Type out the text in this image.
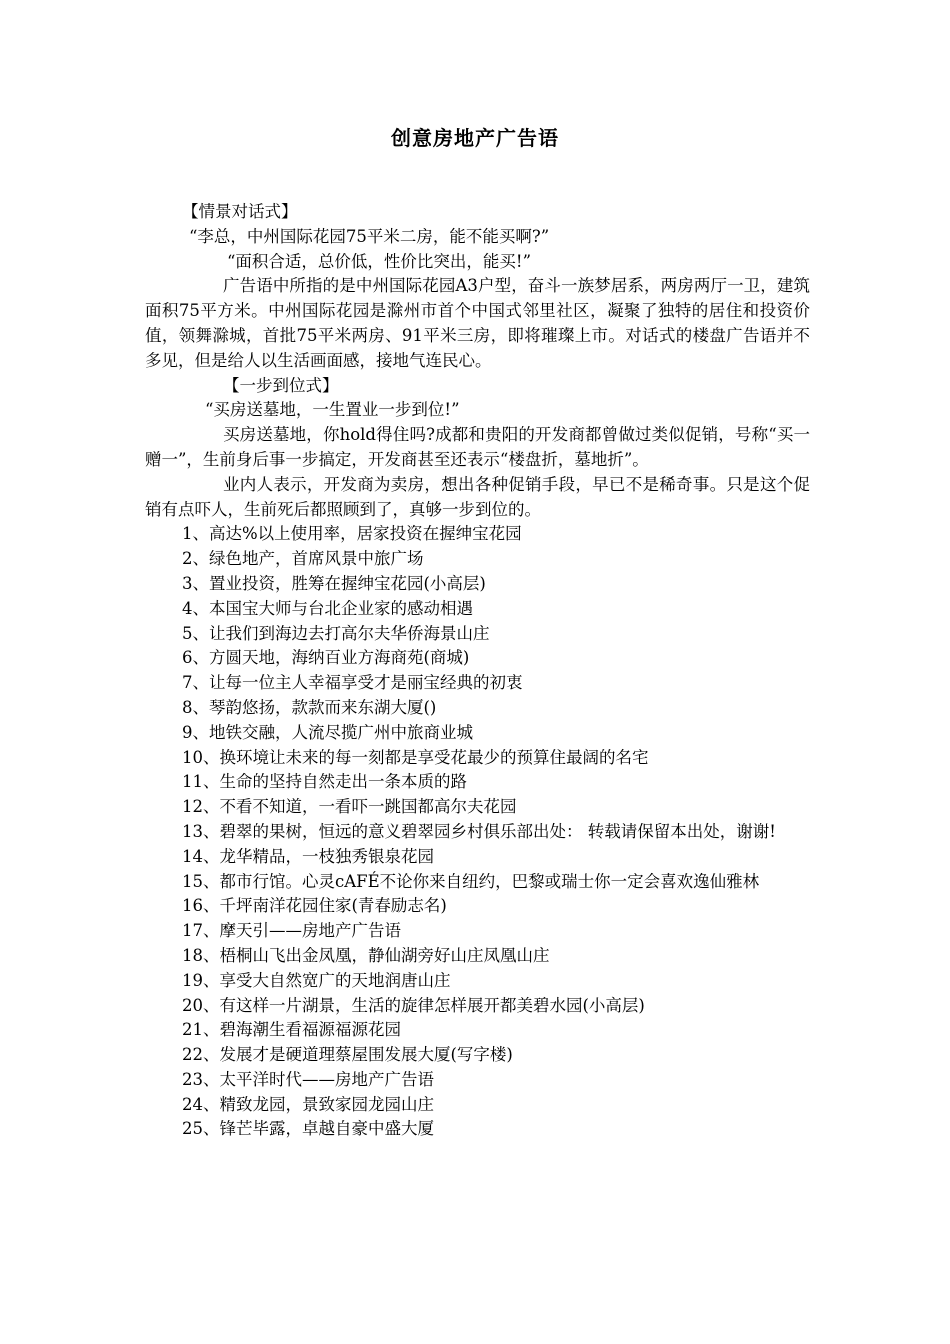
创意房地产广告语

【情景对话式】

“李总，中州国际花园75平米二房，能不能买啊?”

“面积合适，总价低，性价比突出，能买!”

广告语中所指的是中州国际花园A3户型，奋斗一族梦居系，两房两厅一卫，建筑面积75平方米。中州国际花园是滁州市首个中国式邻里社区，凝聚了独特的居住和投资价值，领舞滁城，首批75平米两房、91平米三房，即将璀璨上市。对话式的楼盘广告语并不多见，但是给人以生活画面感，接地气连民心。

【一步到位式】

“买房送墓地，一生置业一步到位!”

买房送墓地，你hold得住吗?成都和贵阳的开发商都曾做过类似促销，号称“买一赠一”，生前身后事一步搞定，开发商甚至还表示“楼盘折，墓地折”。

业内人表示，开发商为卖房，想出各种促销手段，早已不是稀奇事。只是这个促销有点吓人，生前死后都照顾到了，真够一步到位的。

1、高达%以上使用率，居家投资在握绅宝花园

2、绿色地产，首席风景中旅广场

3、置业投资，胜筹在握绅宝花园(小高层)

4、本国宝大师与台北企业家的感动相遇

5、让我们到海边去打高尔夫华侨海景山庄

6、方圆天地，海纳百业方海商苑(商城)

7、让每一位主人幸福享受才是丽宝经典的初衷

8、琴韵悠扬，款款而来东湖大厦()

9、地铁交融，人流尽揽广州中旅商业城

10、换环境让未来的每一刻都是享受花最少的预算住最阔的名宅

11、生命的坚持自然走出一条本质的路

12、不看不知道，一看吓一跳国都高尔夫花园

13、碧翠的果树，恒远的意义碧翠园乡村俱乐部出处： 转载请保留本出处，谢谢!

14、龙华精品，一枝独秀银泉花园

15、都市行馆。心灵cAFÉ不论你来自纽约，巴黎或瑞士你一定会喜欢逸仙雅林

16、千坪南洋花园住家(青春励志名)

17、摩天引——房地产广告语

18、梧桐山飞出金凤凰，静仙湖旁好山庄凤凰山庄

19、享受大自然宽广的天地润唐山庄

20、有这样一片湖景，生活的旋律怎样展开都美碧水园(小高层)

21、碧海潮生看福源福源花园

22、发展才是硬道理蔡屋围发展大厦(写字楼)

23、太平洋时代——房地产广告语

24、精致龙园，景致家园龙园山庄

25、锋芒毕露，卓越自豪中盛大厦
